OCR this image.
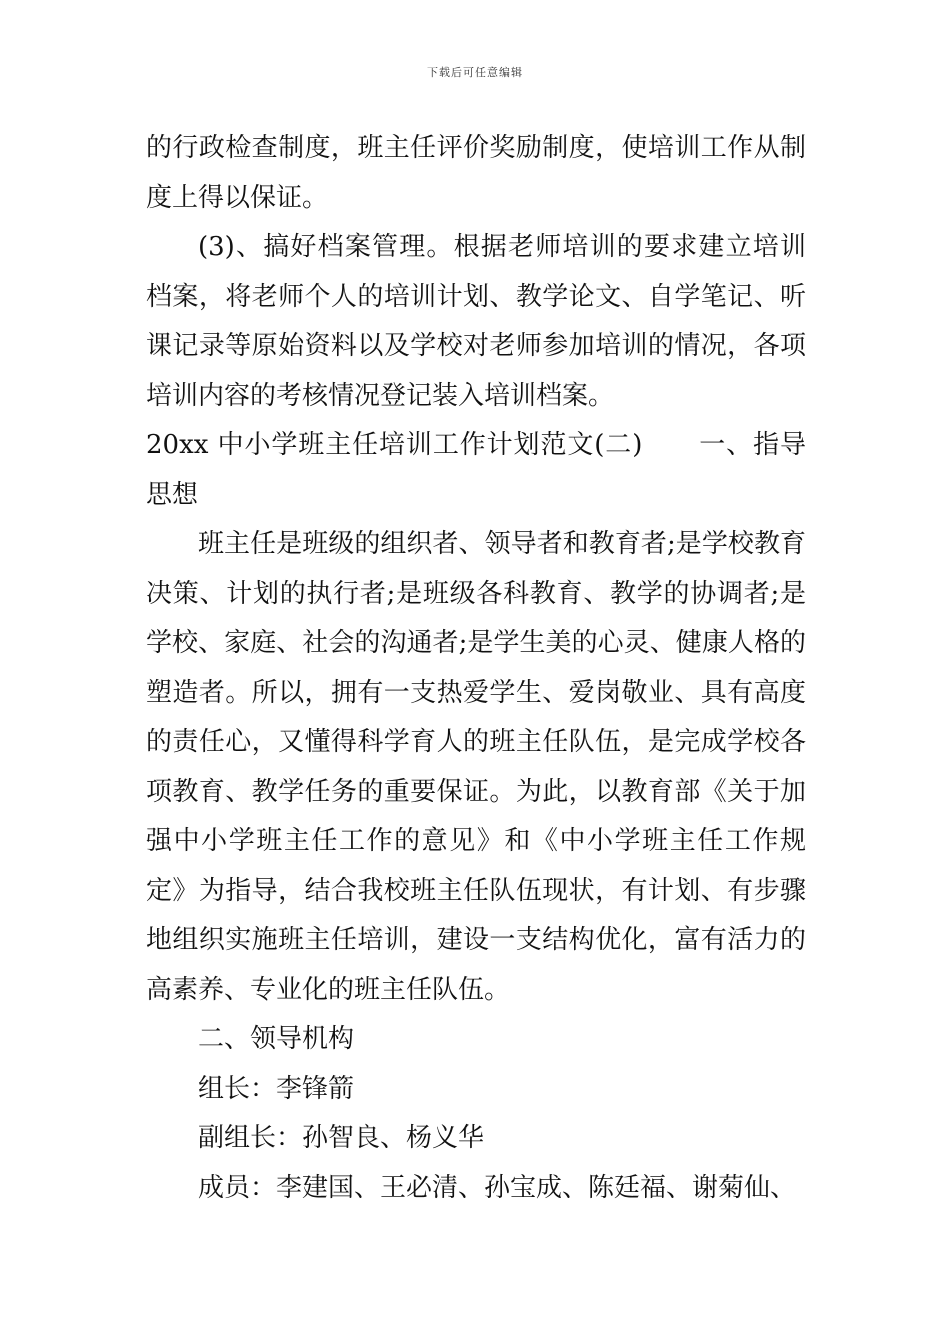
下载后可任意编辑

的行政检查制度，班主任评价奖励制度，使培训工作从制度上得以保证。

(3)、搞好档案管理。根据老师培训的要求建立培训档案，将老师个人的培训计划、教学论文、自学笔记、听课记录等原始资料以及学校对老师参加培训的情况，各项培训内容的考核情况登记装入培训档案。

20xx 中小学班主任培训工作计划范文(二) 一、指导思想

班主任是班级的组织者、领导者和教育者;是学校教育决策、计划的执行者;是班级各科教育、教学的协调者;是学校、家庭、社会的沟通者;是学生美的心灵、健康人格的塑造者。所以，拥有一支热爱学生、爱岗敬业、具有高度的责任心，又懂得科学育人的班主任队伍，是完成学校各项教育、教学任务的重要保证。为此，以教育部《关于加强中小学班主任工作的意见》和《中小学班主任工作规定》为指导，结合我校班主任队伍现状，有计划、有步骤地组织实施班主任培训，建设一支结构优化，富有活力的高素养、专业化的班主任队伍。

二、领导机构

组长：李锋箭

副组长：孙智良、杨义华

成员：李建国、王必清、孙宝成、陈廷福、谢菊仙、
